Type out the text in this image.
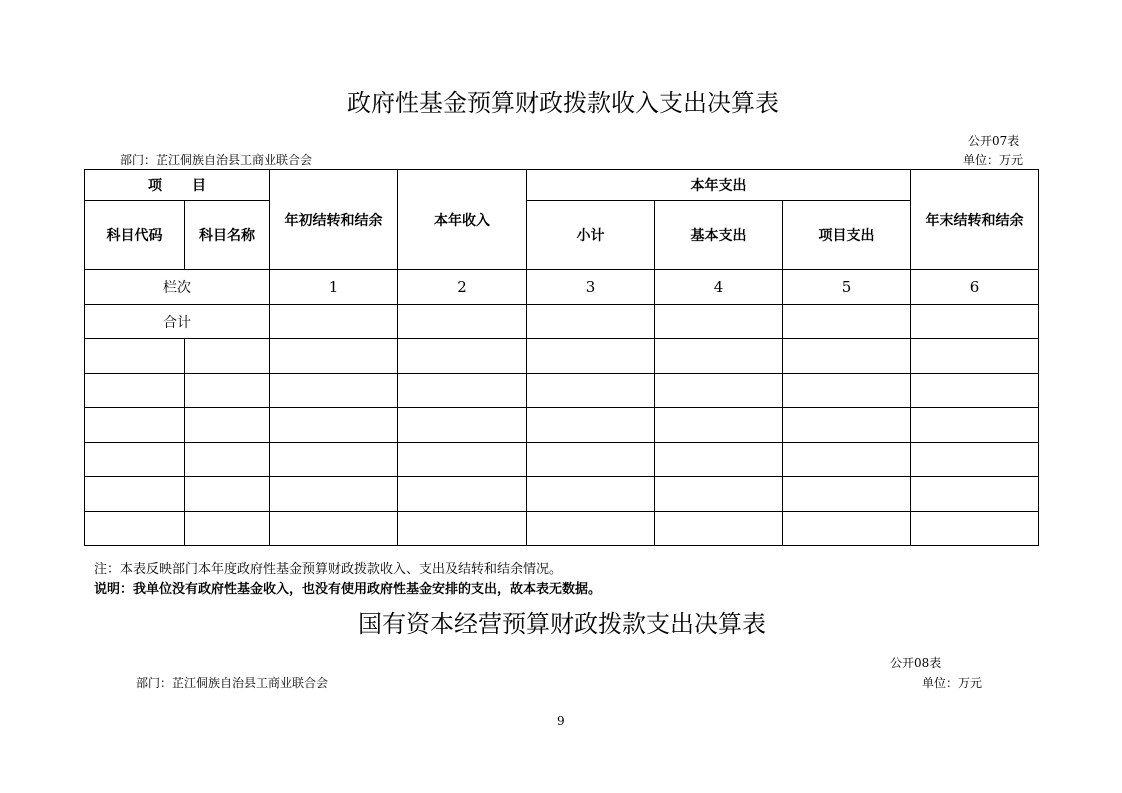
政府性基金预算财政拨款收入支出决算表
公开07表
部门：芷江侗族自治县工商业联合会	单位：万元
项 目		年初结转和结余	本年收入	本年支出			年末结转和结余
科目代码	科目名称			小计	基本支出	项目支出	
栏次		1	2	3	4	5	6
合计							

注：本表反映部门本年度政府性基金预算财政拨款收入、支出及结转和结余情况。
说明：我单位没有政府性基金收入，也没有使用政府性基金安排的支出，故本表无数据。
国有资本经营预算财政拨款支出决算表
公开08表
部门：芷江侗族自治县工商业联合会	单位：万元
9
